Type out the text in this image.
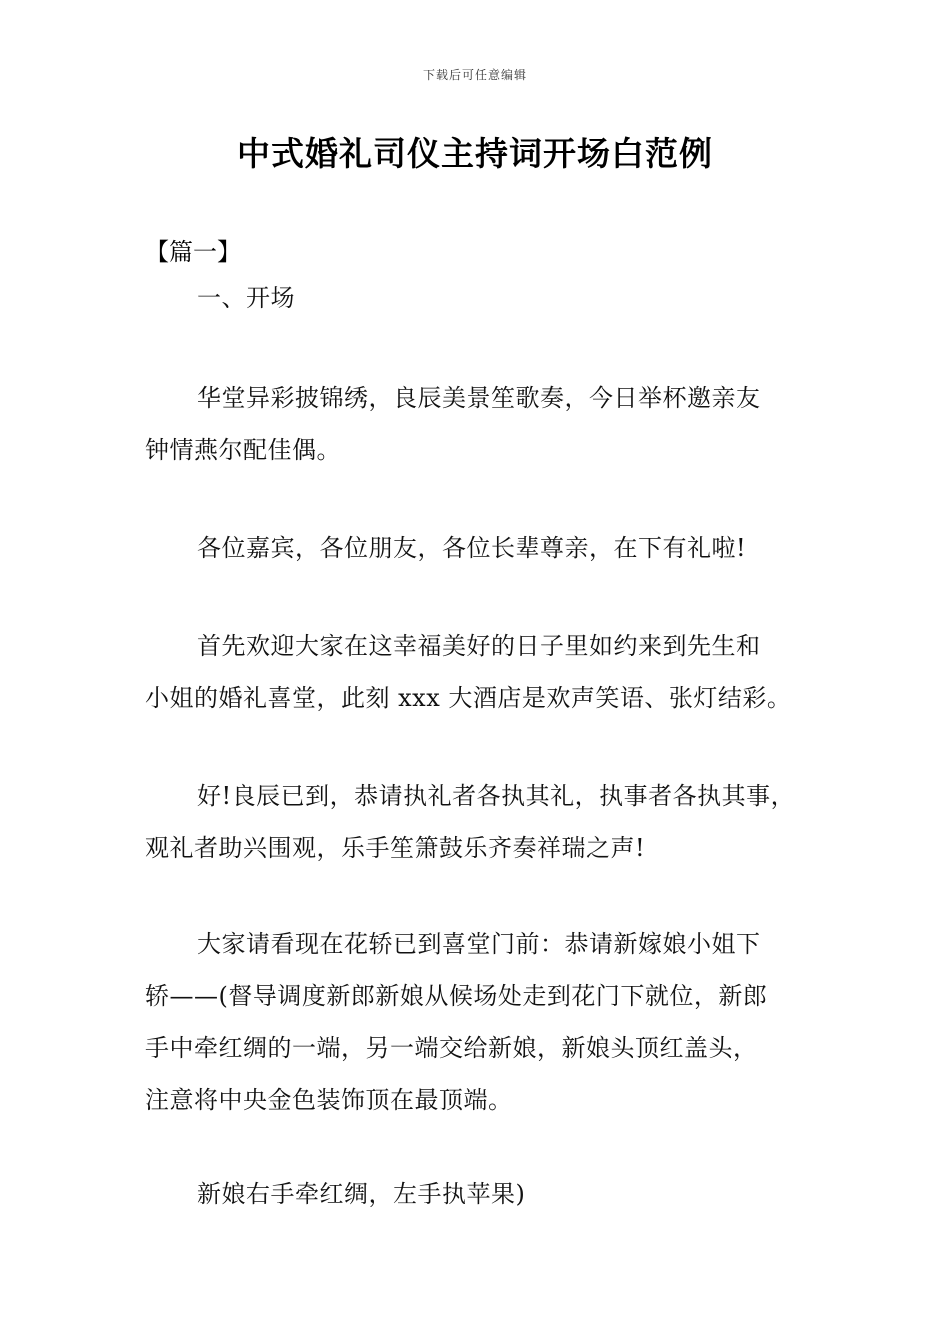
下载后可任意编辑
中式婚礼司仪主持词开场白范例
【篇一】

一、开场

华堂异彩披锦绣，良辰美景笙歌奏，今日举杯邀亲友
钟情燕尔配佳偶。

各位嘉宾，各位朋友，各位长辈尊亲，在下有礼啦!

首先欢迎大家在这幸福美好的日子里如约来到先生和
小姐的婚礼喜堂，此刻 xxx 大酒店是欢声笑语、张灯结彩。

好!良辰已到，恭请执礼者各执其礼，执事者各执其事，
观礼者助兴围观，乐手笙箫鼓乐齐奏祥瑞之声!

大家请看现在花轿已到喜堂门前：恭请新嫁娘小姐下
轿——(督导调度新郎新娘从候场处走到花门下就位，新郎
手中牵红绸的一端，另一端交给新娘，新娘头顶红盖头，
注意将中央金色装饰顶在最顶端。

新娘右手牵红绸，左手执苹果)
